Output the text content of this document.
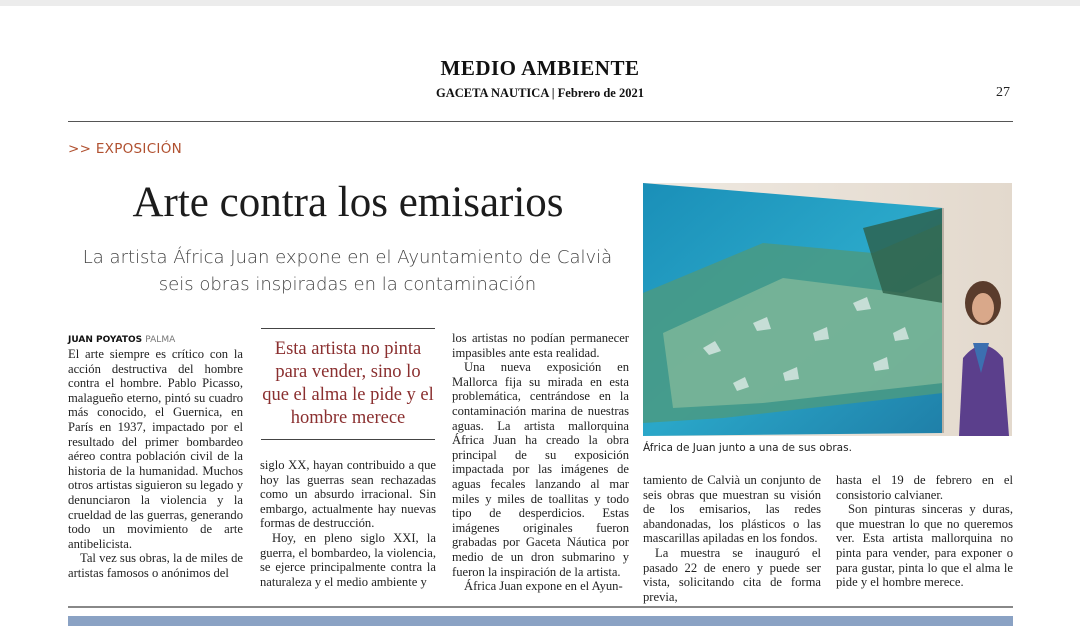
MEDIO AMBIENTE
GACETA NAUTICA | Febrero de 2021	27
>> EXPOSICIÓN
Arte contra los emisarios
La artista África Juan expone en el Ayuntamiento de Calvià seis obras inspiradas en la contaminación
África de Juan junto a una de sus obras.
JUAN POYATOS PALMA

El arte siempre es crítico con la acción destructiva del hombre contra el hombre. Pablo Picasso, malagueño eterno, pintó su cuadro más conocido, el Guernica, en París en 1937, impactado por el resultado del primer bombardeo aéreo contra población civil de la historia de la humanidad. Muchos otros artistas siguieron su legado y denunciaron la violencia y la crueldad de las guerras, generando todo un movimiento de arte antibelicista.

Tal vez sus obras, la de miles de artistas famosos o anónimos del

Esta artista no pinta para vender, sino lo que el alma le pide y el hombre merece

siglo XX, hayan contribuido a que hoy las guerras sean rechazadas como un absurdo irracional. Sin embargo, actualmente hay nuevas formas de destrucción.

Hoy, en pleno siglo XXI, la guerra, el bombardeo, la violencia, se ejerce principalmente contra la naturaleza y el medio ambiente y

los artistas no podían permanecer impasibles ante esta realidad.

Una nueva exposición en Mallorca fija su mirada en esta problemática, centrándose en la contaminación marina de nuestras aguas. La artista mallorquina África Juan ha creado la obra principal de su exposición impactada por las imágenes de aguas fecales lanzando al mar miles y miles de toallitas y todo tipo de desperdicios. Estas imágenes originales fueron grabadas por Gaceta Náutica por medio de un dron submarino y fueron la inspiración de la artista.

África Juan expone en el Ayun-

tamiento de Calvià un conjunto de seis obras que muestran su visión de los emisarios, las redes abandonadas, los plásticos o las mascarillas apiladas en los fondos.

La muestra se inauguró el pasado 22 de enero y puede ser vista, solicitando cita de forma previa,

hasta el 19 de febrero en el consistorio calvianer.

Son pinturas sinceras y duras, que muestran lo que no queremos ver. Esta artista mallorquina no pinta para vender, para exponer o para gustar, pinta lo que el alma le pide y el hombre merece.
